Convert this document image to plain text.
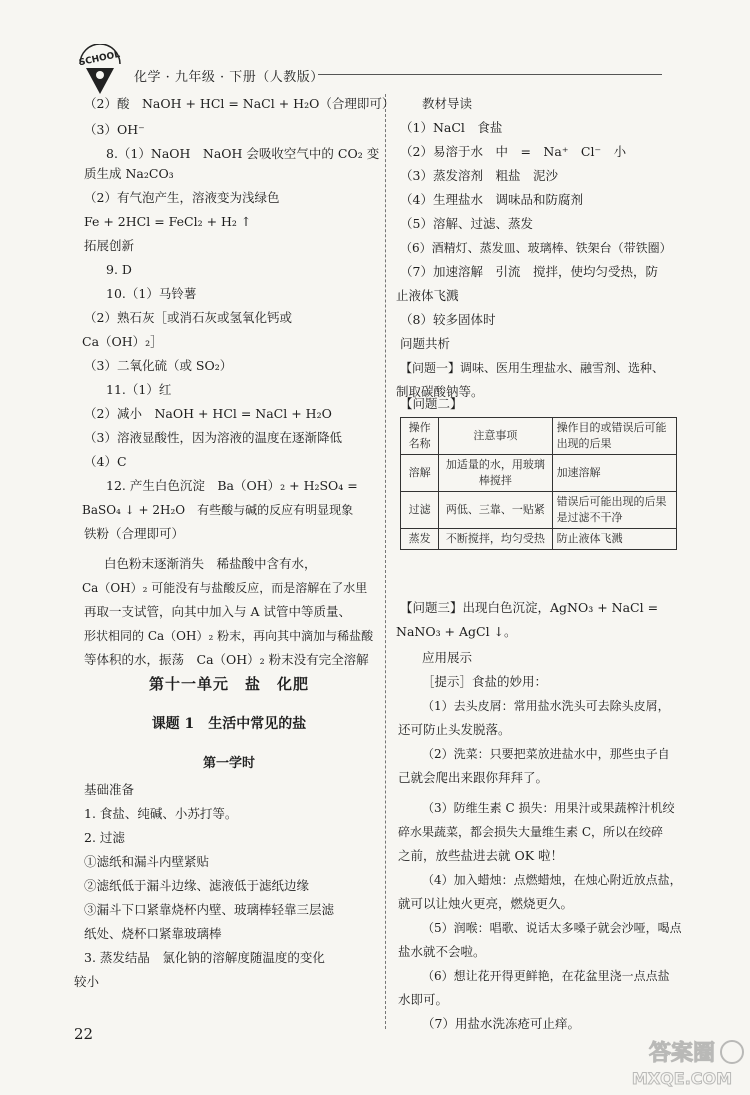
SCHOOL
化学 · 九年级 · 下册（人教版）
（2）酸　NaOH + HCl = NaCl + H₂O（合理即可）
（3）OH⁻
8.（1）NaOH　NaOH 会吸收空气中的 CO₂ 变
质生成 Na₂CO₃
（2）有气泡产生，溶液变为浅绿色
Fe + 2HCl = FeCl₂ + H₂ ↑
拓展创新
9. D
10.（1）马铃薯
（2）熟石灰［或消石灰或氢氧化钙或
Ca（OH）₂］
（3）二氧化硫（或 SO₂）
11.（1）红
（2）减小　NaOH + HCl = NaCl + H₂O
（3）溶液显酸性，因为溶液的温度在逐渐降低
（4）C
12. 产生白色沉淀　Ba（OH）₂ + H₂SO₄ =
BaSO₄ ↓ + 2H₂O　有些酸与碱的反应有明显现象
铁粉（合理即可）
白色粉末逐渐消失　稀盐酸中含有水，
Ca（OH）₂ 可能没有与盐酸反应，而是溶解在了水里
再取一支试管，向其中加入与 A 试管中等质量、
形状相同的 Ca（OH）₂ 粉末，再向其中滴加与稀盐酸
等体积的水，振荡　Ca（OH）₂ 粉末没有完全溶解
第十一单元　盐　化肥
课题 1　生活中常见的盐
第一学时
基础准备
1. 食盐、纯碱、小苏打等。
2. 过滤
①滤纸和漏斗内壁紧贴
②滤纸低于漏斗边缘、滤液低于滤纸边缘
③漏斗下口紧靠烧杯内壁、玻璃棒轻靠三层滤
纸处、烧杯口紧靠玻璃棒
3. 蒸发结晶　氯化钠的溶解度随温度的变化
较小
教材导读
（1）NaCl　食盐
（2）易溶于水　中　=　Na⁺　Cl⁻　小
（3）蒸发溶剂　粗盐　泥沙
（4）生理盐水　调味品和防腐剂
（5）溶解、过滤、蒸发
（6）酒精灯、蒸发皿、玻璃棒、铁架台（带铁圈）
（7）加速溶解　引流　搅拌，使均匀受热，防
止液体飞溅
（8）较多固体时
问题共析
【问题一】调味、医用生理盐水、融雪剂、选种、
制取碳酸钠等。
【问题二】
操作名称	注意事项	操作目的或错误后可能出现的后果
溶解	加适量的水，用玻璃棒搅拌	加速溶解
过滤	两低、三靠、一贴紧	错误后可能出现的后果是过滤不干净
蒸发	不断搅拌，均匀受热	防止液体飞溅
【问题三】出现白色沉淀，AgNO₃ + NaCl =
NaNO₃ + AgCl ↓。
应用展示
［提示］食盐的妙用：
（1）去头皮屑：常用盐水洗头可去除头皮屑，
还可防止头发脱落。
（2）洗菜：只要把菜放进盐水中，那些虫子自
己就会爬出来跟你拜拜了。
（3）防维生素 C 损失：用果汁或果蔬榨汁机绞
碎水果蔬菜，都会损失大量维生素 C，所以在绞碎
之前，放些盐进去就 OK 啦！
（4）加入蜡烛：点燃蜡烛，在烛心附近放点盐，
就可以让烛火更亮，燃烧更久。
（5）润喉：唱歌、说话太多嗓子就会沙哑，喝点
盐水就不会啦。
（6）想让花开得更鲜艳，在花盆里浇一点点盐
水即可。
（7）用盐水洗冻疮可止痒。
22
答案圈
MXQE.COM
